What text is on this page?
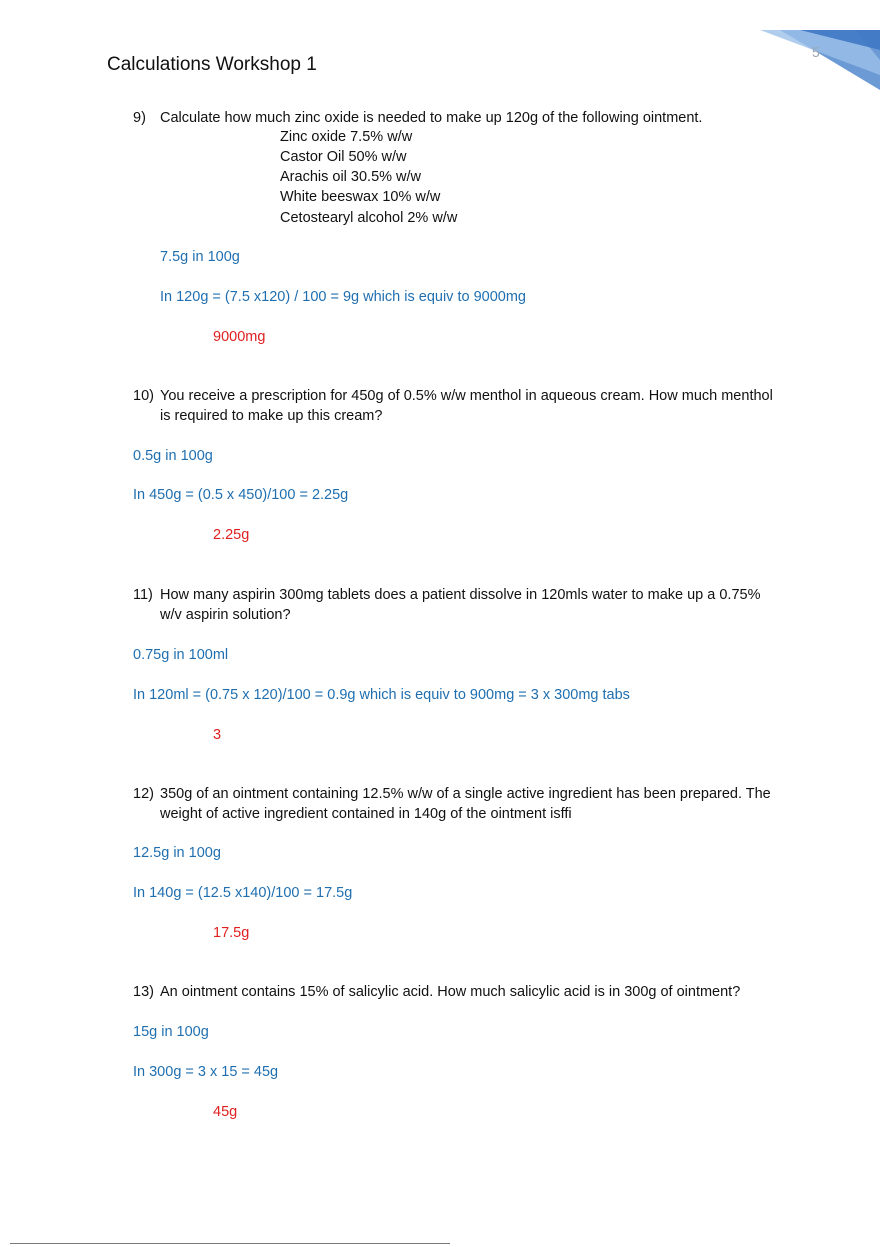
5
Calculations Workshop 1
9) Calculate how much zinc oxide is needed to make up 120g of the following ointment.
Zinc oxide 7.5% w/w
Castor Oil 50% w/w
Arachis oil 30.5% w/w
White beeswax 10% w/w
Cetostearyl alcohol 2% w/w
7.5g in 100g
In 120g = (7.5 x120) / 100 = 9g which is equiv to 9000mg
9000mg
10) You receive a prescription for 450g of 0.5% w/w menthol in aqueous cream. How much menthol is required to make up this cream?
0.5g in 100g
In 450g = (0.5 x 450)/100 = 2.25g
2.25g
11) How many aspirin 300mg tablets does a patient dissolve in 120mls water to make up a 0.75% w/v aspirin solution?
0.75g in 100ml
In 120ml = (0.75 x 120)/100 = 0.9g which is equiv to 900mg = 3 x 300mg tabs
3
12) 350g of an ointment containing 12.5% w/w of a single active ingredient has been prepared. The weight of active ingredient contained in 140g of the ointment isffi
12.5g in 100g
In 140g = (12.5 x140)/100 = 17.5g
17.5g
13) An ointment contains 15% of salicylic acid. How much salicylic acid is in 300g of ointment?
15g in 100g
In 300g = 3 x 15 = 45g
45g
